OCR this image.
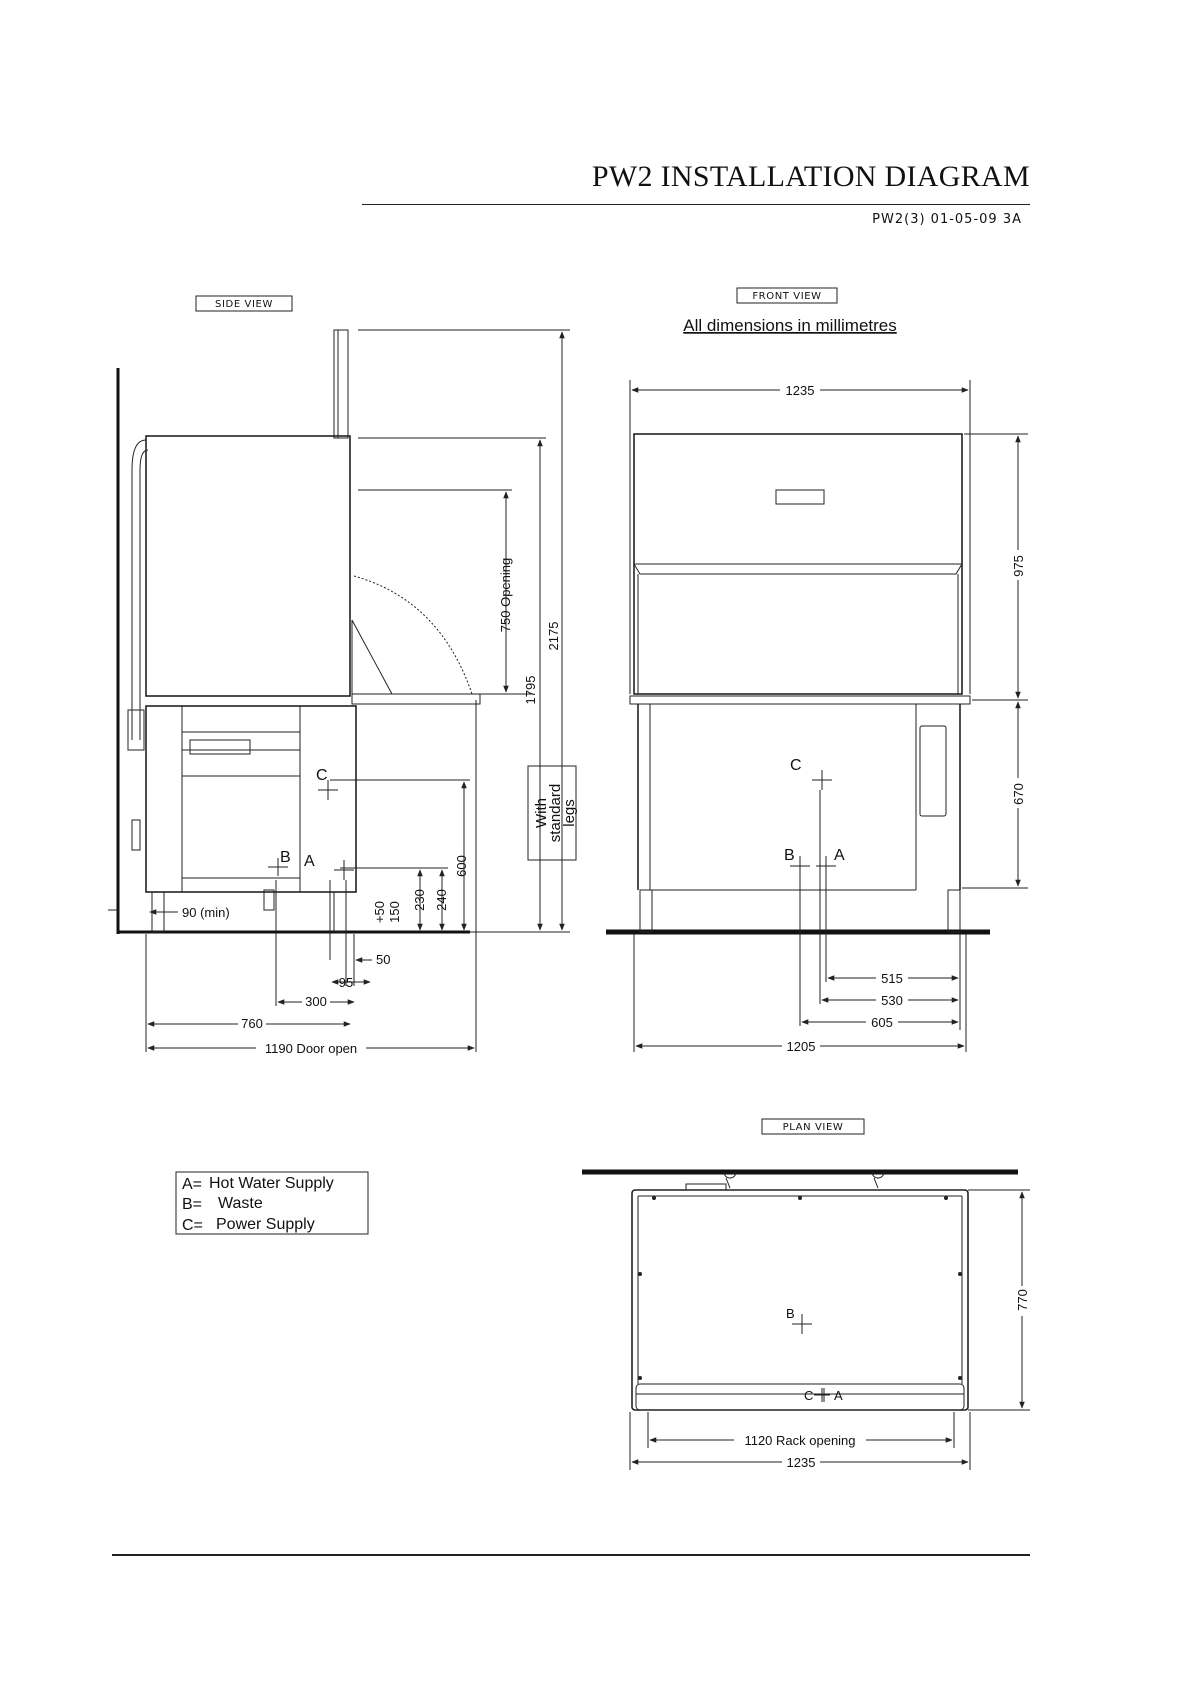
PW2 INSTALLATION DIAGRAM
PW2(3) 01-05-09 3A
SIDE VIEW
FRONT VIEW
All dimensions in millimetres
PLAN VIEW
C
B A
2175
1795
750 Opening
600
240
230
150
+50
With
standard
legs
90 (min)
50
95
300
760
1190 Door open
C
B A
1235
975
670
515
530
605
1205
B
C A
770
1120 Rack opening
1235
A= Hot Water Supply
B= Waste
C= Power Supply
